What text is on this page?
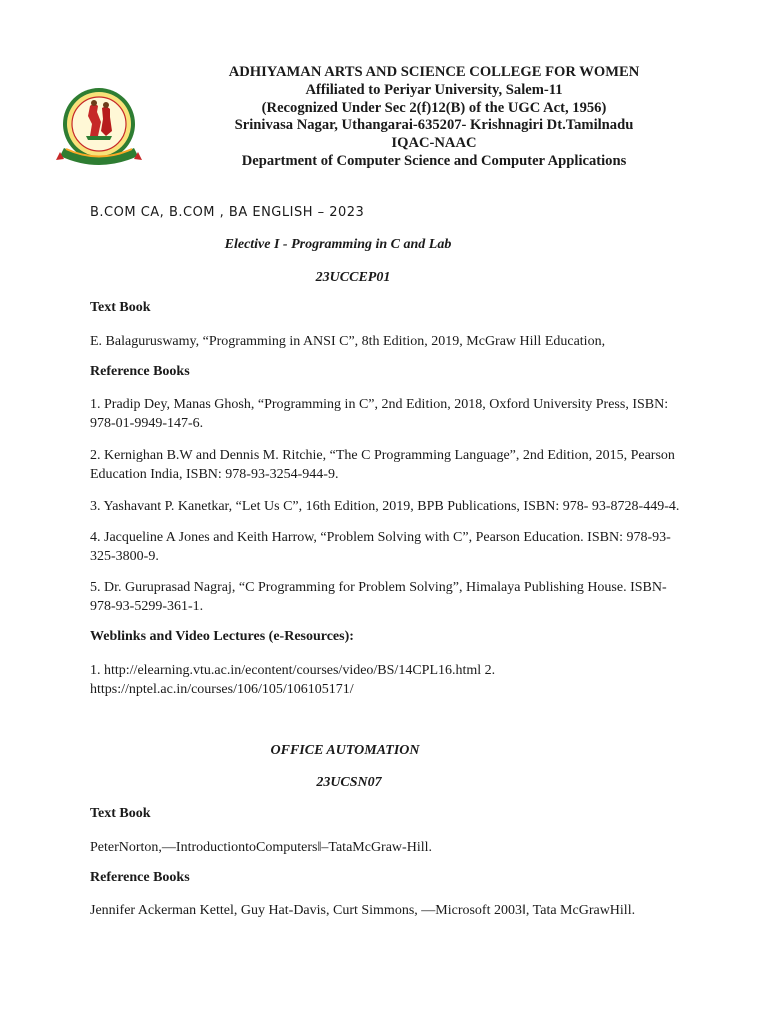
ADHIYAMAN ARTS AND SCIENCE COLLEGE FOR WOMEN
Affiliated to Periyar University, Salem-11
(Recognized Under Sec 2(f)12(B) of the UGC Act, 1956)
Srinivasa Nagar, Uthangarai-635207- Krishnagiri Dt.Tamilnadu
IQAC-NAAC
Department of Computer Science and Computer Applications
B.COM CA, B.COM , BA ENGLISH – 2023
Elective I - Programming in C and Lab
23UCCEP01
Text Book
E. Balaguruswamy, “Programming in ANSI C”, 8th Edition, 2019, McGraw Hill Education,
Reference Books
1. Pradip Dey, Manas Ghosh, “Programming in C”, 2nd Edition, 2018, Oxford University Press, ISBN:
978-01-9949-147-6.
2. Kernighan B.W and Dennis M. Ritchie, “The C Programming Language”, 2nd Edition, 2015, Pearson
Education India, ISBN: 978-93-3254-944-9.
3. Yashavant P. Kanetkar, “Let Us C”, 16th Edition, 2019, BPB Publications, ISBN: 978- 93-8728-449-4.
4. Jacqueline A Jones and Keith Harrow, “Problem Solving with C”, Pearson Education. ISBN: 978-93-
325-3800-9.
5. Dr. Guruprasad Nagraj, “C Programming for Problem Solving”, Himalaya Publishing House. ISBN-
978-93-5299-361-1.
Weblinks and Video Lectures (e-Resources):
1. http://elearning.vtu.ac.in/econtent/courses/video/BS/14CPL16.html 2.
https://nptel.ac.in/courses/106/105/106105171/
OFFICE AUTOMATION
23UCSN07
Text Book
PeterNorton,—IntroductiontoComputers‖–TataMcGraw-Hill.
Reference Books
Jennifer Ackerman Kettel, Guy Hat-Davis, Curt Simmons, —Microsoft 2003‖, Tata McGrawHill.
